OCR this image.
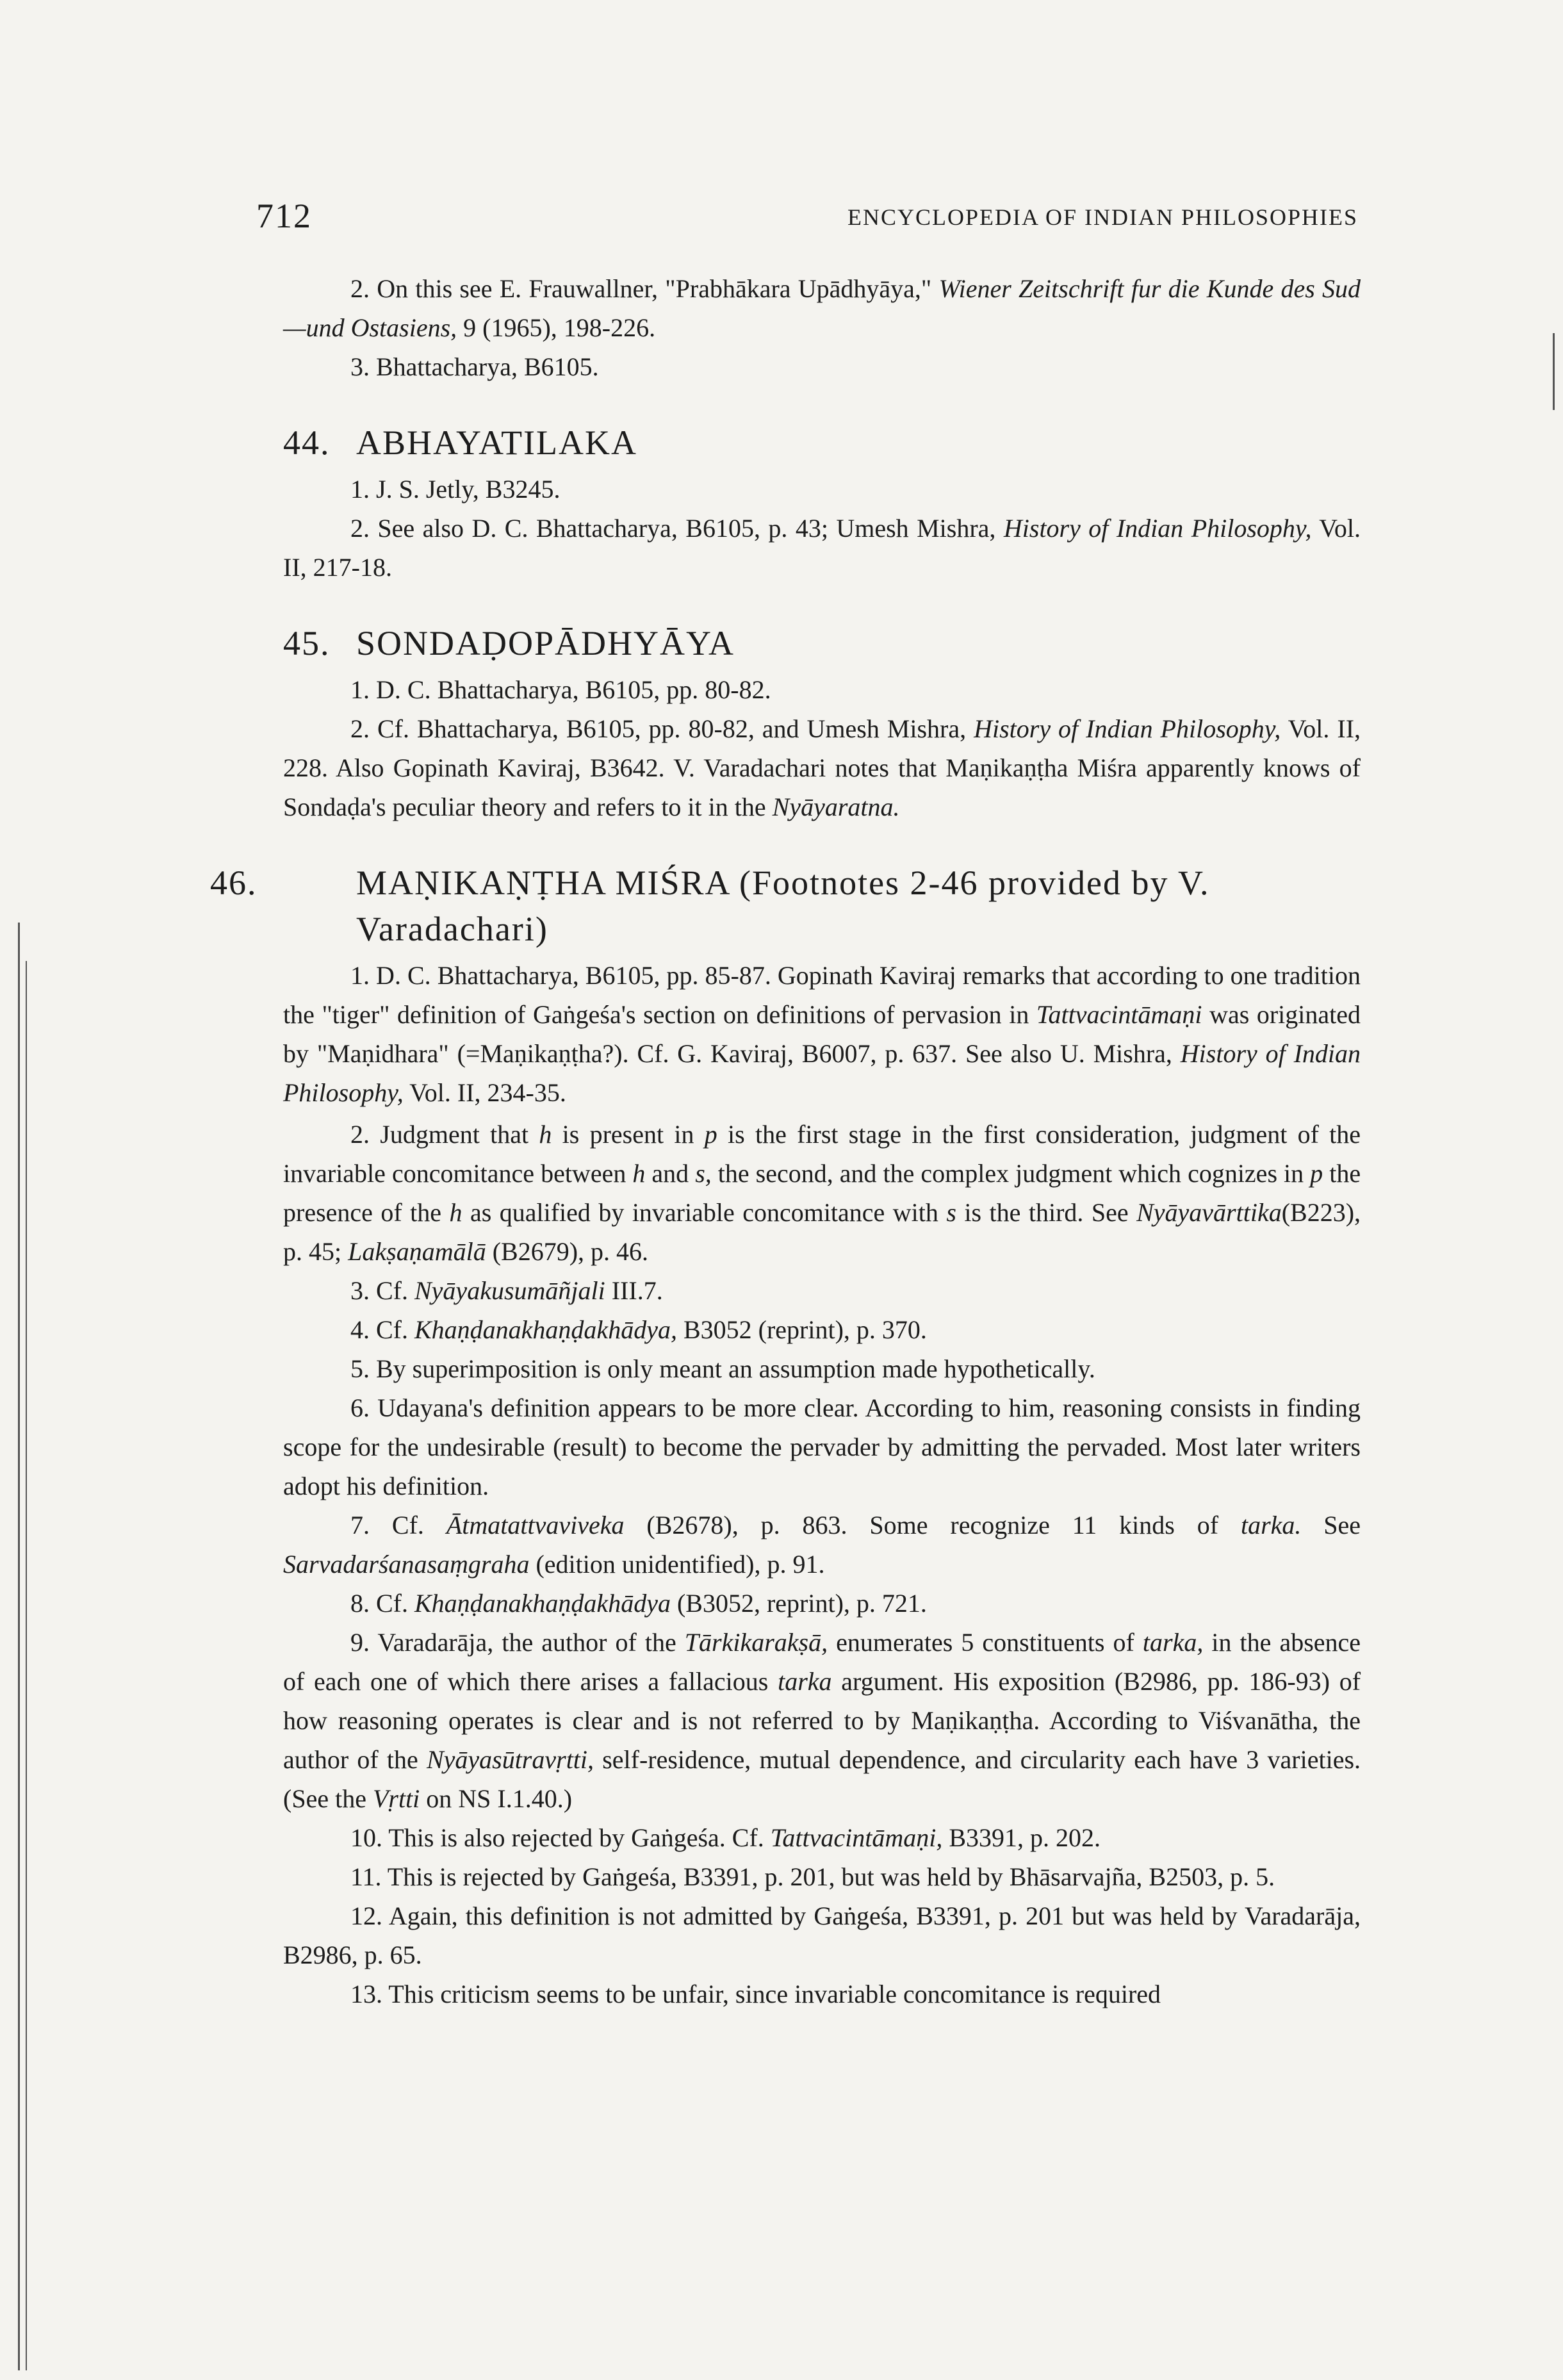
712	ENCYCLOPEDIA OF INDIAN PHILOSOPHIES

2. On this see E. Frauwallner, "Prabhākara Upādhyāya," Wiener Zeitschrift fur die Kunde des Sud—und Ostasiens, 9 (1965), 198-226.

3. Bhattacharya, B6105.

44. ABHAYATILAKA

1. J. S. Jetly, B3245.

2. See also D. C. Bhattacharya, B6105, p. 43; Umesh Mishra, History of Indian Philosophy, Vol. II, 217-18.

45. SONDAḌOPĀDHYĀYA

1. D. C. Bhattacharya, B6105, pp. 80-82.

2. Cf. Bhattacharya, B6105, pp. 80-82, and Umesh Mishra, History of Indian Philosophy, Vol. II, 228. Also Gopinath Kaviraj, B3642. V. Varadachari notes that Maṇikaṇṭha Miśra apparently knows of Sondaḍa's peculiar theory and refers to it in the Nyāyaratna.

46.	MAṆIKAṆṬHA MIŚRA (Footnotes 2-46 provided by V. Varadachari)

1. D. C. Bhattacharya, B6105, pp. 85-87. Gopinath Kaviraj remarks that according to one tradition the "tiger" definition of Gaṅgeśa's section on definitions of pervasion in Tattvacintāmaṇi was originated by "Maṇidhara" (=Maṇikaṇṭha?). Cf. G. Kaviraj, B6007, p. 637. See also U. Mishra, History of Indian Philosophy, Vol. II, 234-35.

2. Judgment that h is present in p is the first stage in the first consideration, judgment of the invariable concomitance between h and s, the second, and the complex judgment which cognizes in p the presence of the h as qualified by invariable concomitance with s is the third. See Nyāyavārttika(B223), p. 45; Lakṣaṇamālā (B2679), p. 46.

3. Cf. Nyāyakusumāñjali III.7.

4. Cf. Khaṇḍanakhaṇḍakhādya, B3052 (reprint), p. 370.

5. By superimposition is only meant an assumption made hypothetically.

6. Udayana's definition appears to be more clear. According to him, reasoning consists in finding scope for the undesirable (result) to become the pervader by admitting the pervaded. Most later writers adopt his definition.

7. Cf. Ātmatattvaviveka (B2678), p. 863. Some recognize 11 kinds of tarka. See Sarvadarśanasaṃgraha (edition unidentified), p. 91.

8. Cf. Khaṇḍanakhaṇḍakhādya (B3052, reprint), p. 721.

9. Varadarāja, the author of the Tārkikarakṣā, enumerates 5 constituents of tarka, in the absence of each one of which there arises a fallacious tarka argument. His exposition (B2986, pp. 186-93) of how reasoning operates is clear and is not referred to by Maṇikaṇṭha. According to Viśvanātha, the author of the Nyāyasūtravṛtti, self-residence, mutual dependence, and circularity each have 3 varieties. (See the Vṛtti on NS I.1.40.)

10. This is also rejected by Gaṅgeśa. Cf. Tattvacintāmaṇi, B3391, p. 202.

11. This is rejected by Gaṅgeśa, B3391, p. 201, but was held by Bhāsarvajña, B2503, p. 5.

12. Again, this definition is not admitted by Gaṅgeśa, B3391, p. 201 but was held by Varadarāja, B2986, p. 65.

13. This criticism seems to be unfair, since invariable concomitance is required
